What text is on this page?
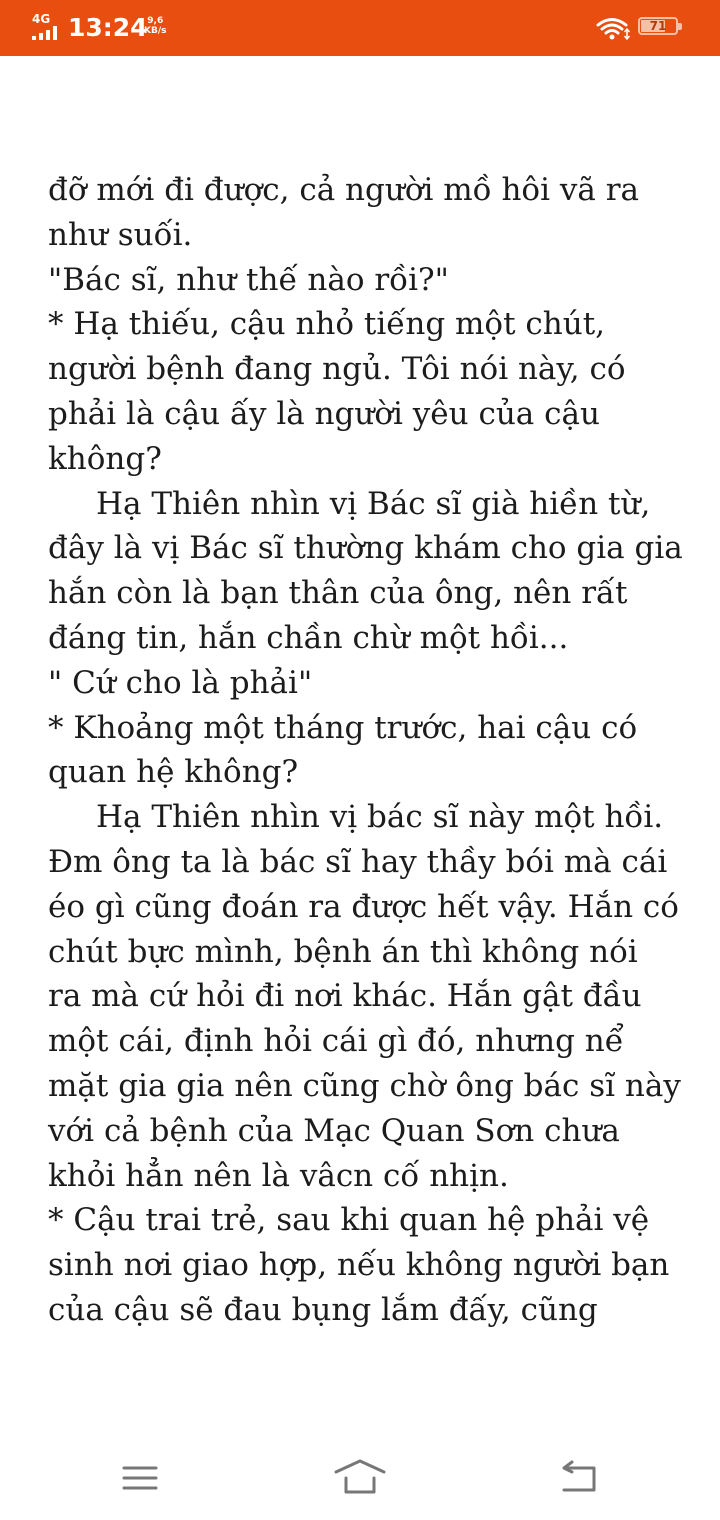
4G 13:24 9,6
KB/s	71
đỡ mới đi được, cả người mồ hôi vã ra
như suối.
"Bác sĩ, như thế nào rồi?"
* Hạ thiếu, cậu nhỏ tiếng một chút,
người bệnh đang ngủ. Tôi nói này, có
phải là cậu ấy là người yêu của cậu
không?
Hạ Thiên nhìn vị Bác sĩ già hiền từ,
đây là vị Bác sĩ thường khám cho gia gia
hắn còn là bạn thân của ông, nên rất
đáng tin, hắn chần chừ một hồi...
" Cứ cho là phải"
* Khoảng một tháng trước, hai cậu có
quan hệ không?
Hạ Thiên nhìn vị bác sĩ này một hồi.
Đm ông ta là bác sĩ hay thầy bói mà cái
éo gì cũng đoán ra được hết vậy. Hắn có
chút bực mình, bệnh án thì không nói
ra mà cứ hỏi đi nơi khác. Hắn gật đầu
một cái, định hỏi cái gì đó, nhưng nể
mặt gia gia nên cũng chờ ông bác sĩ này
với cả bệnh của Mạc Quan Sơn chưa
khỏi hẳn nên là vâcn cố nhịn.
* Cậu trai trẻ, sau khi quan hệ phải vệ
sinh nơi giao hợp, nếu không người bạn
của cậu sẽ đau bụng lắm đấy, cũng
